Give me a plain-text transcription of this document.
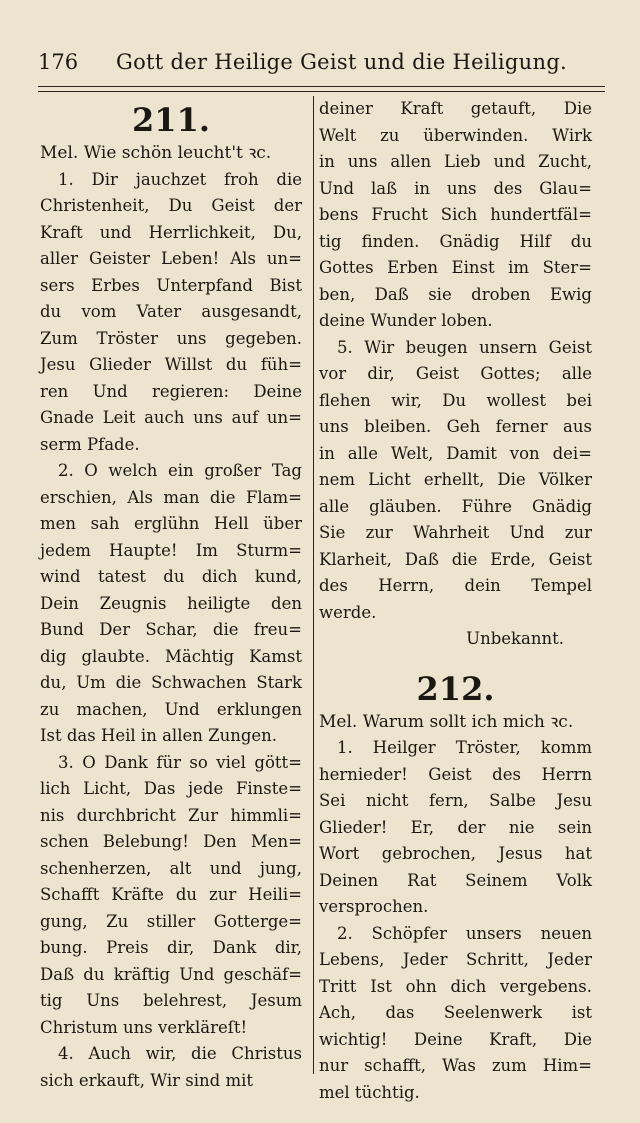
176 Gott der Heilige Geist und die Heiligung.
211.
Mel. Wie schön leucht't ꝛc.
1. Dir jauchzet froh die
Christenheit, Du Geist der
Kraft und Herrlichkeit, Du,
aller Geister Leben! Als un=
sers Erbes Unterpfand Bist
du vom Vater ausgesandt,
Zum Tröster uns gegeben.
Jesu Glieder Willst du füh=
ren Und regieren: Deine
Gnade Leit auch uns auf un=
serm Pfade.
2. O welch ein großer Tag
erschien, Als man die Flam=
men sah erglühn Hell über
jedem Haupte! Im Sturm=
wind tatest du dich kund,
Dein Zeugnis heiligte den
Bund Der Schar, die freu=
dig glaubte. Mächtig Kamst
du, Um die Schwachen Stark
zu machen, Und erklungen
Ist das Heil in allen Zungen.
3. O Dank für so viel gött=
lich Licht, Das jede Finste=
nis durchbricht Zur himmli=
schen Belebung! Den Men=
schenherzen, alt und jung,
Schafft Kräfte du zur Heili=
gung, Zu stiller Gotterge=
bung. Preis dir, Dank dir,
Daß du kräftig Und geschäf=
tig Uns belehrest, Jesum
Christum uns verkläreſt!
4. Auch wir, die Christus
sich erkauft, Wir sind mit
deiner Kraft getauft, Die
Welt zu überwinden. Wirk
in uns allen Lieb und Zucht,
Und laß in uns des Glau=
bens Frucht Sich hundertfäl=
tig finden. Gnädig Hilf du
Gottes Erben Einst im Ster=
ben, Daß sie droben Ewig
deine Wunder loben.
5. Wir beugen unsern Geist
vor dir, Geist Gottes; alle
flehen wir, Du wollest bei
uns bleiben. Geh ferner aus
in alle Welt, Damit von dei=
nem Licht erhellt, Die Völker
alle gläuben. Führe Gnädig
Sie zur Wahrheit Und zur
Klarheit, Daß die Erde, Geist
des Herrn, dein Tempel
werde.
Unbekannt.
212.
Mel. Warum sollt ich mich ꝛc.
1. Heilger Tröster, komm
hernieder! Geist des Herrn
Sei nicht fern, Salbe Jesu
Glieder! Er, der nie sein
Wort gebrochen, Jesus hat
Deinen Rat Seinem Volk
versprochen.
2. Schöpfer unsers neuen
Lebens, Jeder Schritt, Jeder
Tritt Ist ohn dich vergebens.
Ach, das Seelenwerk ist
wichtig! Deine Kraft, Die
nur schafft, Was zum Him=
mel tüchtig.
